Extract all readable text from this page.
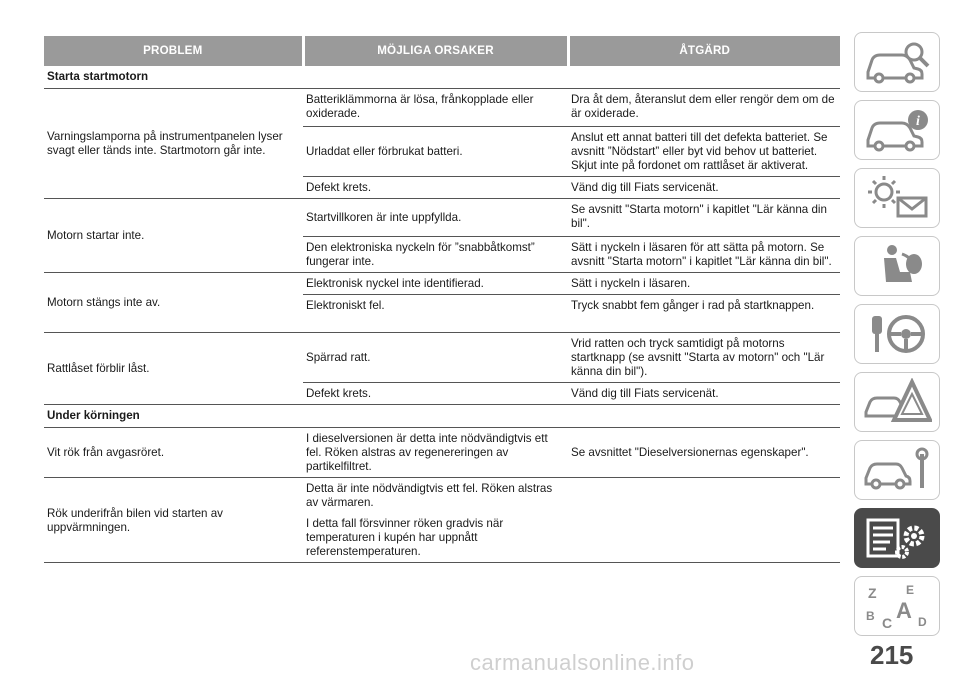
PROBLEM	MÖJLIGA ORSAKER	ÅTGÄRD
Starta startmotorn		
Varningslamporna på instrumentpanelen lyser svagt eller tänds inte. Startmotorn går inte.	Batteriklämmorna är lösa, frånkopplade eller oxiderade.	Dra åt dem, återanslut dem eller rengör dem om de är oxiderade.
	Urladdat eller förbrukat batteri.	Anslut ett annat batteri till det defekta batteriet. Se avsnitt ”Nödstart” eller byt vid behov ut batteriet. Skjut inte på fordonet om rattlåset är aktiverat.
	Defekt krets.	Vänd dig till Fiats servicenät.
Motorn startar inte.	Startvillkoren är inte uppfyllda.	Se avsnitt "Starta motorn" i kapitlet "Lär känna din bil".
	Den elektroniska nyckeln för ”snabbåtkomst” fungerar inte.	Sätt i nyckeln i läsaren för att sätta på motorn. Se avsnitt "Starta motorn" i kapitlet "Lär känna din bil".
Motorn stängs inte av.	Elektronisk nyckel inte identifierad.	Sätt i nyckeln i läsaren.
	Elektroniskt fel.	Tryck snabbt fem gånger i rad på startknappen.
Rattlåset förblir låst.	Spärrad ratt.	Vrid ratten och tryck samtidigt på motorns startknapp (se avsnitt "Starta av motorn" och "Lär känna din bil").
	Defekt krets.	Vänd dig till Fiats servicenät.
Under körningen		
Vit rök från avgasröret.	I dieselversionen är detta inte nödvändigtvis ett fel. Röken alstras av regenereringen av partikelfiltret.	Se avsnittet "Dieselversionernas egenskaper".
Rök underifrån bilen vid starten av uppvärmningen.	Detta är inte nödvändigtvis ett fel. Röken alstras av värmaren.	
	I detta fall försvinner röken gradvis när temperaturen i kupén har uppnått referenstemperaturen.	
i
Z E
B A
C D
carmanualsonline.info	215
